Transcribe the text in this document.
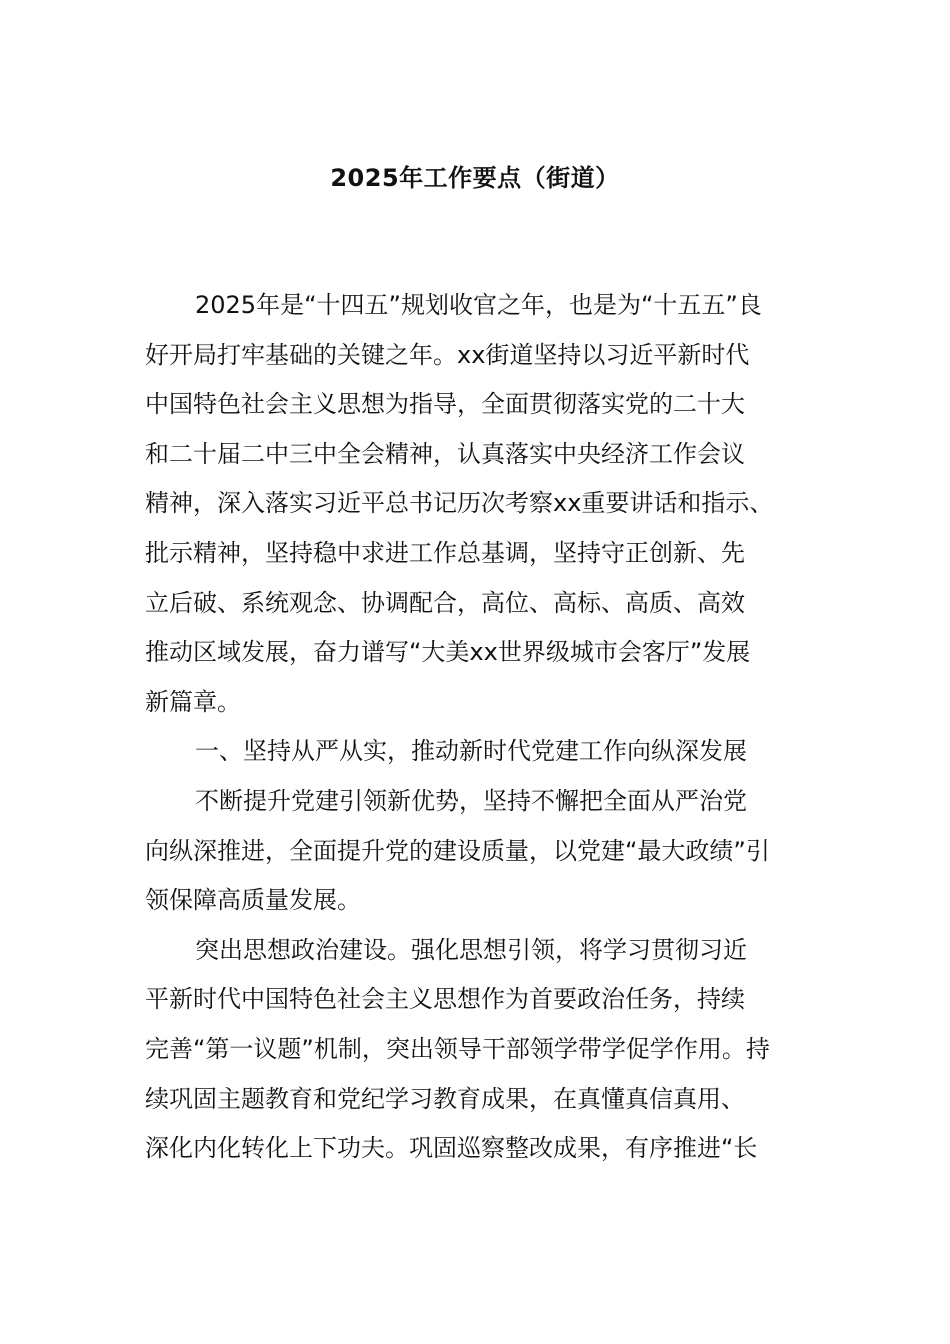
2025年工作要点（街道）
2025年是“十四五”规划收官之年，也是为“十五五”良
好开局打牢基础的关键之年。xx街道坚持以习近平新时代
中国特色社会主义思想为指导，全面贯彻落实党的二十大
和二十届二中三中全会精神，认真落实中央经济工作会议
精神，深入落实习近平总书记历次考察xx重要讲话和指示、
批示精神，坚持稳中求进工作总基调，坚持守正创新、先
立后破、系统观念、协调配合，高位、高标、高质、高效
推动区域发展，奋力谱写“大美xx世界级城市会客厅”发展
新篇章。
一、坚持从严从实，推动新时代党建工作向纵深发展
不断提升党建引领新优势，坚持不懈把全面从严治党
向纵深推进，全面提升党的建设质量，以党建“最大政绩”引
领保障高质量发展。
突出思想政治建设。强化思想引领，将学习贯彻习近
平新时代中国特色社会主义思想作为首要政治任务，持续
完善“第一议题”机制，突出领导干部领学带学促学作用。持
续巩固主题教育和党纪学习教育成果，在真懂真信真用、
深化内化转化上下功夫。巩固巡察整改成果，有序推进“长
